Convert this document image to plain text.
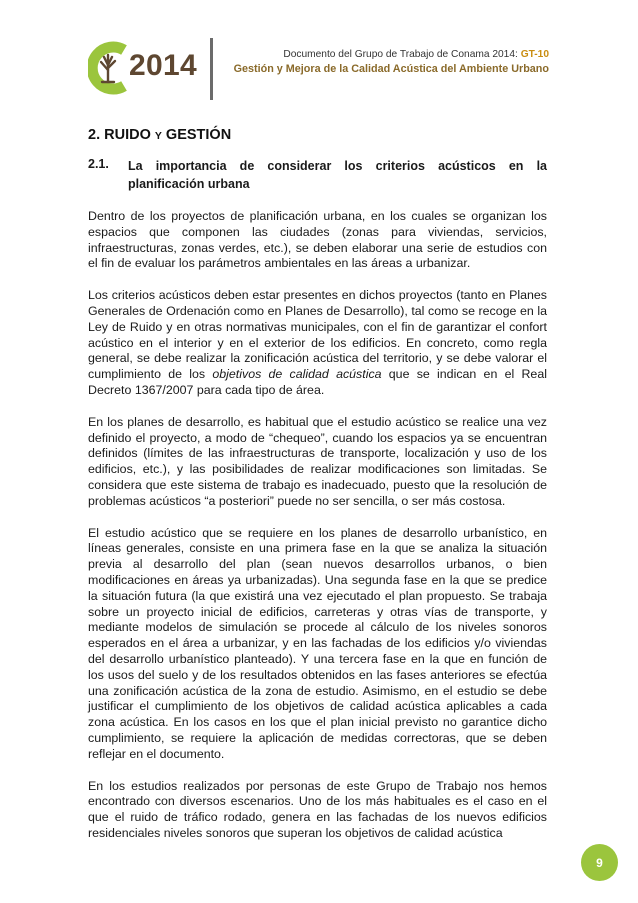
2014	Documento del Grupo de Trabajo de Conama 2014: GT-10
Gestión y Mejora de la Calidad Acústica del Ambiente Urbano
2. RUIDO Y GESTIÓN
2.1. La importancia de considerar los criterios acústicos en la planificación urbana

Dentro de los proyectos de planificación urbana, en los cuales se organizan los espacios que componen las ciudades (zonas para viviendas, servicios, infraestructuras, zonas verdes, etc.), se deben elaborar una serie de estudios con el fin de evaluar los parámetros ambientales en las áreas a urbanizar.

Los criterios acústicos deben estar presentes en dichos proyectos (tanto en Planes Generales de Ordenación como en Planes de Desarrollo), tal como se recoge en la Ley de Ruido y en otras normativas municipales, con el fin de garantizar el confort acústico en el interior y en el exterior de los edificios. En concreto, como regla general, se debe realizar la zonificación acústica del territorio, y se debe valorar el cumplimiento de los objetivos de calidad acústica que se indican en el Real Decreto 1367/2007 para cada tipo de área.

En los planes de desarrollo, es habitual que el estudio acústico se realice una vez definido el proyecto, a modo de “chequeo”, cuando los espacios ya se encuentran definidos (límites de las infraestructuras de transporte, localización y uso de los edificios, etc.), y las posibilidades de realizar modificaciones son limitadas. Se considera que este sistema de trabajo es inadecuado, puesto que la resolución de problemas acústicos “a posteriori” puede no ser sencilla, o ser más costosa.

El estudio acústico que se requiere en los planes de desarrollo urbanístico, en líneas generales, consiste en una primera fase en la que se analiza la situación previa al desarrollo del plan (sean nuevos desarrollos urbanos, o bien modificaciones en áreas ya urbanizadas). Una segunda fase en la que se predice la situación futura (la que existirá una vez ejecutado el plan propuesto. Se trabaja sobre un proyecto inicial de edificios, carreteras y otras vías de transporte, y mediante modelos de simulación se procede al cálculo de los niveles sonoros esperados en el área a urbanizar, y en las fachadas de los edificios y/o viviendas del desarrollo urbanístico planteado). Y una tercera fase en la que en función de los usos del suelo y de los resultados obtenidos en las fases anteriores se efectúa una zonificación acústica de la zona de estudio. Asimismo, en el estudio se debe justificar el cumplimiento de los objetivos de calidad acústica aplicables a cada zona acústica. En los casos en los que el plan inicial previsto no garantice dicho cumplimiento, se requiere la aplicación de medidas correctoras, que se deben reflejar en el documento.

En los estudios realizados por personas de este Grupo de Trabajo nos hemos encontrado con diversos escenarios. Uno de los más habituales es el caso en el que el ruido de tráfico rodado, genera en las fachadas de los nuevos edificios residenciales niveles sonoros que superan los objetivos de calidad acústica

9
